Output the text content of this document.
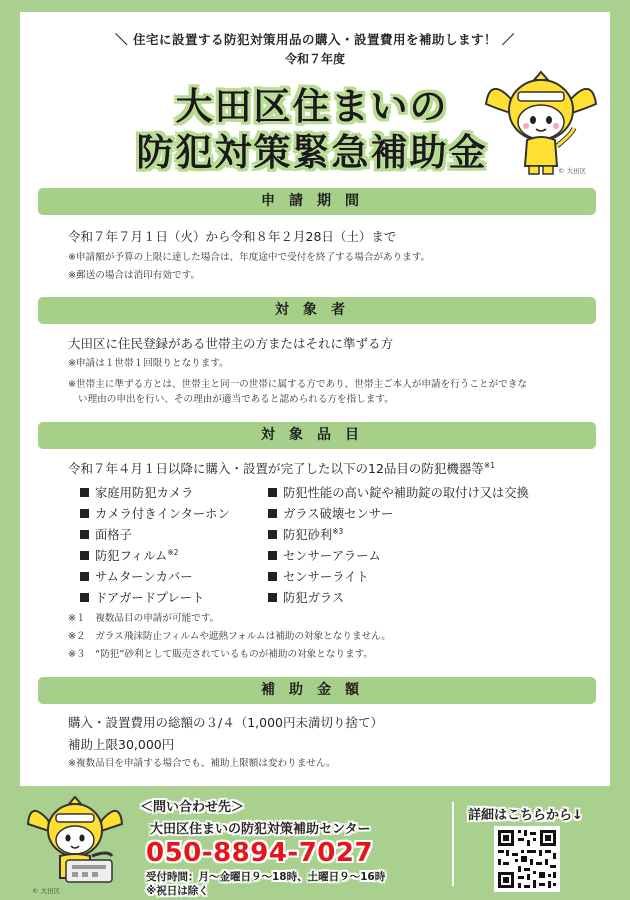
＼ 住宅に設置する防犯対策用品の購入・設置費用を補助します！ ／
令和７年度
大田区住まいの
防犯対策緊急補助金	© 大田区
申請期間
令和７年７月１日（火）から令和８年２月28日（土）まで
※申請額が予算の上限に達した場合は、年度途中で受付を終了する場合があります。
※郵送の場合は消印有効です。
対象者
大田区に住民登録がある世帯主の方またはそれに準ずる方
※申請は１世帯１回限りとなります。
※世帯主に準ずる方とは、世帯主と同一の世帯に属する方であり、世帯主ご本人が申請を行うことができな
い理由の申出を行い、その理由が適当であると認められる方を指します。
対象品目
令和７年４月１日以降に購入・設置が完了した以下の12品目の防犯機器等$^{※1}$
家庭用防犯カメラ
カメラ付きインターホン
面格子
防犯フィルム$^{※2}$
サムターンカバー
ドアガードプレート
防犯性能の高い錠や補助錠の取付け又は交換
ガラス破壊センサー
防犯砂利$^{※3}$
センサーアラーム
センサーライト
防犯ガラス
※１　複数品目の申請が可能です。
※２　ガラス飛沫防止フィルムや遮熱フォルムは補助の対象となりません。
※３　“防犯”砂利として販売されているものが補助の対象となります。
補助金額
購入・設置費用の総額の３/４（1,000円未満切り捨て）
補助上限30,000円
※複数品目を申請する場合でも、補助上限額は変わりません。
© 大田区
＜問い合わせ先＞
大田区住まいの防犯対策補助センター
050-8894-7027
受付時間：月〜金曜日９〜18時、土曜日９〜16時
※祝日は除く
詳細はこちらから↓
